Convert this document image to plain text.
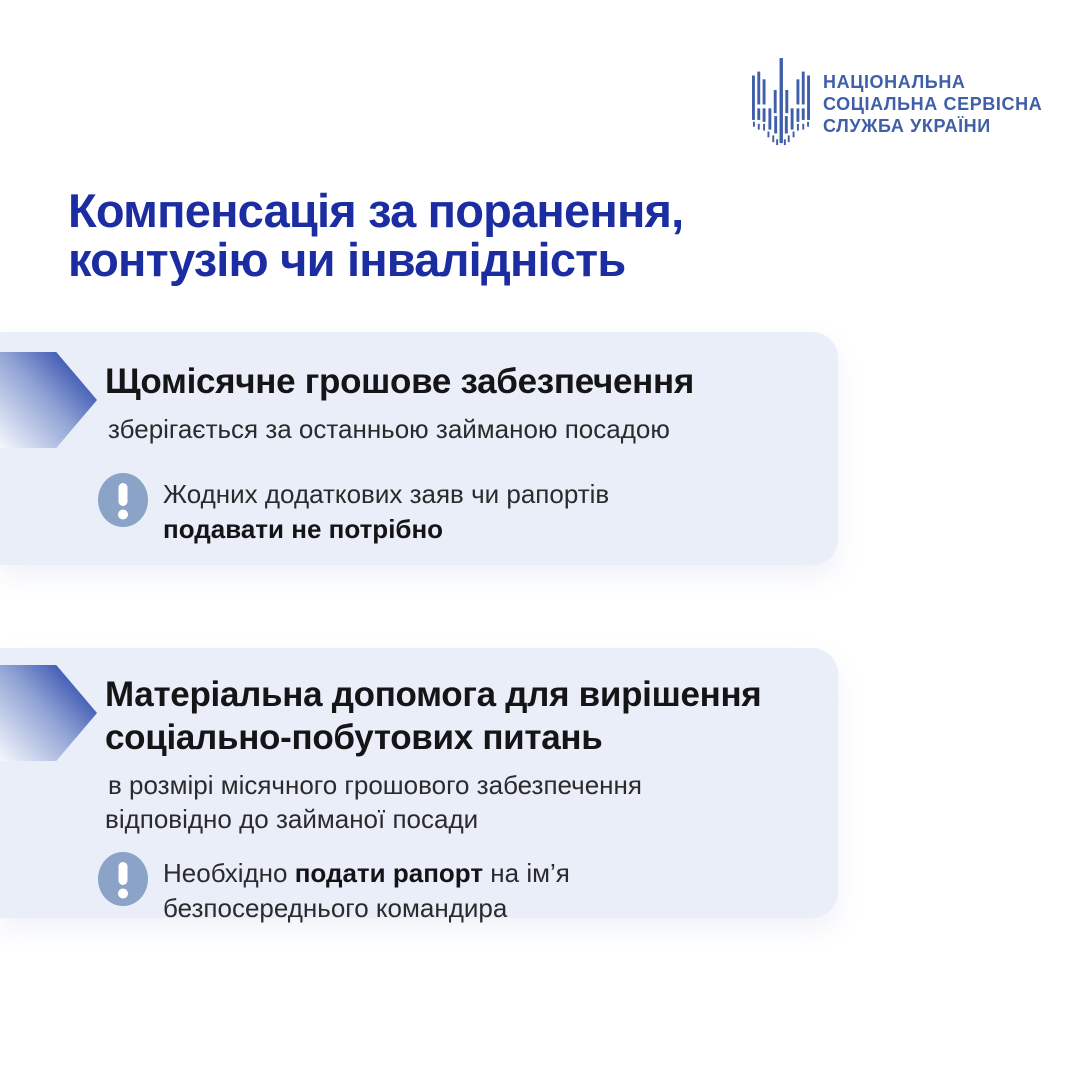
НАЦІОНАЛЬНА
СОЦІАЛЬНА СЕРВІСНА
СЛУЖБА УКРАЇНИ
Компенсація за поранення,
контузію чи інвалідність
Щомісячне грошове забезпечення

зберігається за останньою займаною посадою

Жодних додаткових заяв чи рапортів
подавати не потрібно
Матеріальна допомога для вирішення
соціально-побутових питань

в розмірі місячного грошового забезпечення
відповідно до займаної посади

Необхідно подати рапорт на ім’я
безпосереднього командира
